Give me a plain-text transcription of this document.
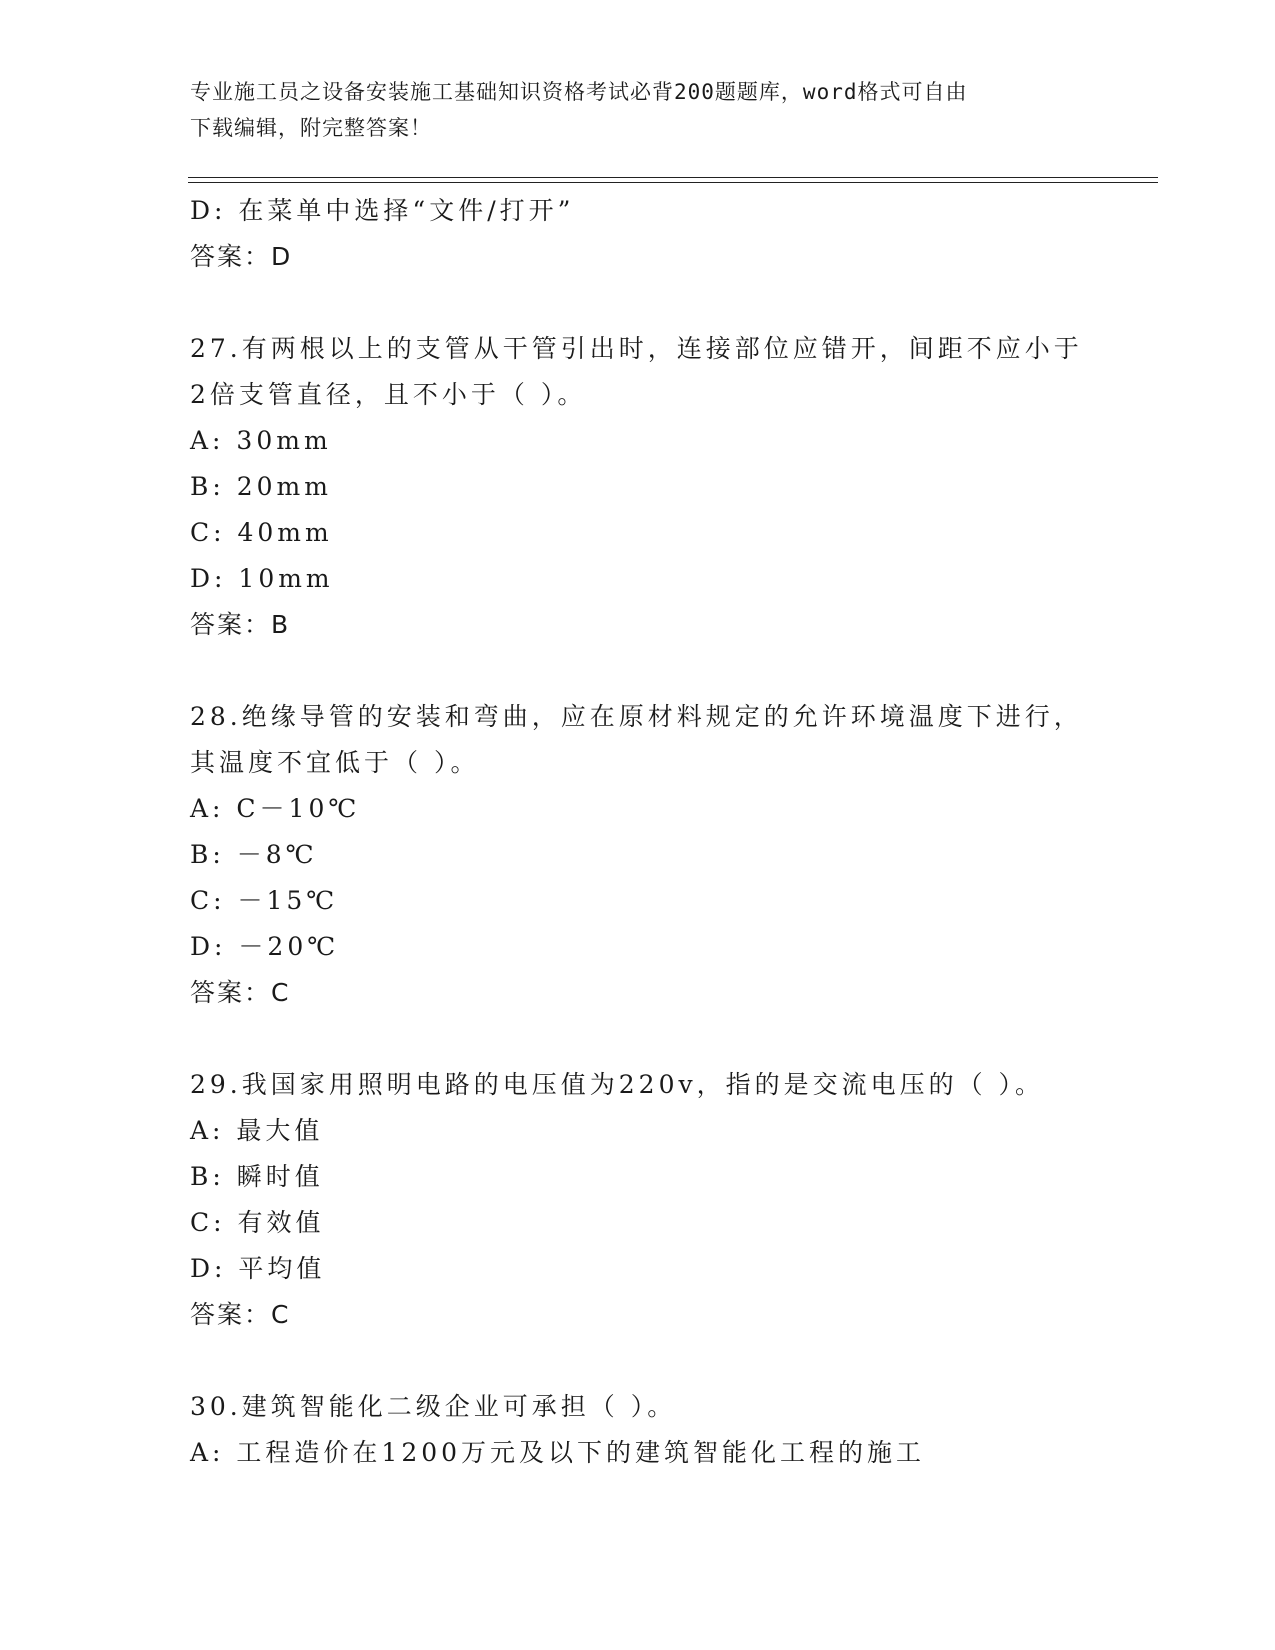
专业施工员之设备安装施工基础知识资格考试必背200题题库，word格式可自由
下载编辑，附完整答案！
D: 在菜单中选择“文件/打开”
答案：D
27.有两根以上的支管从干管引出时，连接部位应错开，间距不应小于
2倍支管直径，且不小于（ ）。
A: 30mm
B: 20mm
C: 40mm
D: 10mm
答案：B
28.绝缘导管的安装和弯曲，应在原材料规定的允许环境温度下进行，
其温度不宜低于（ ）。
A: C－10℃
B: －8℃
C: －15℃
D: －20℃
答案：C
29.我国家用照明电路的电压值为220v，指的是交流电压的（ ）。
A: 最大值
B: 瞬时值
C: 有效值
D: 平均值
答案：C
30.建筑智能化二级企业可承担（ ）。
A: 工程造价在1200万元及以下的建筑智能化工程的施工
